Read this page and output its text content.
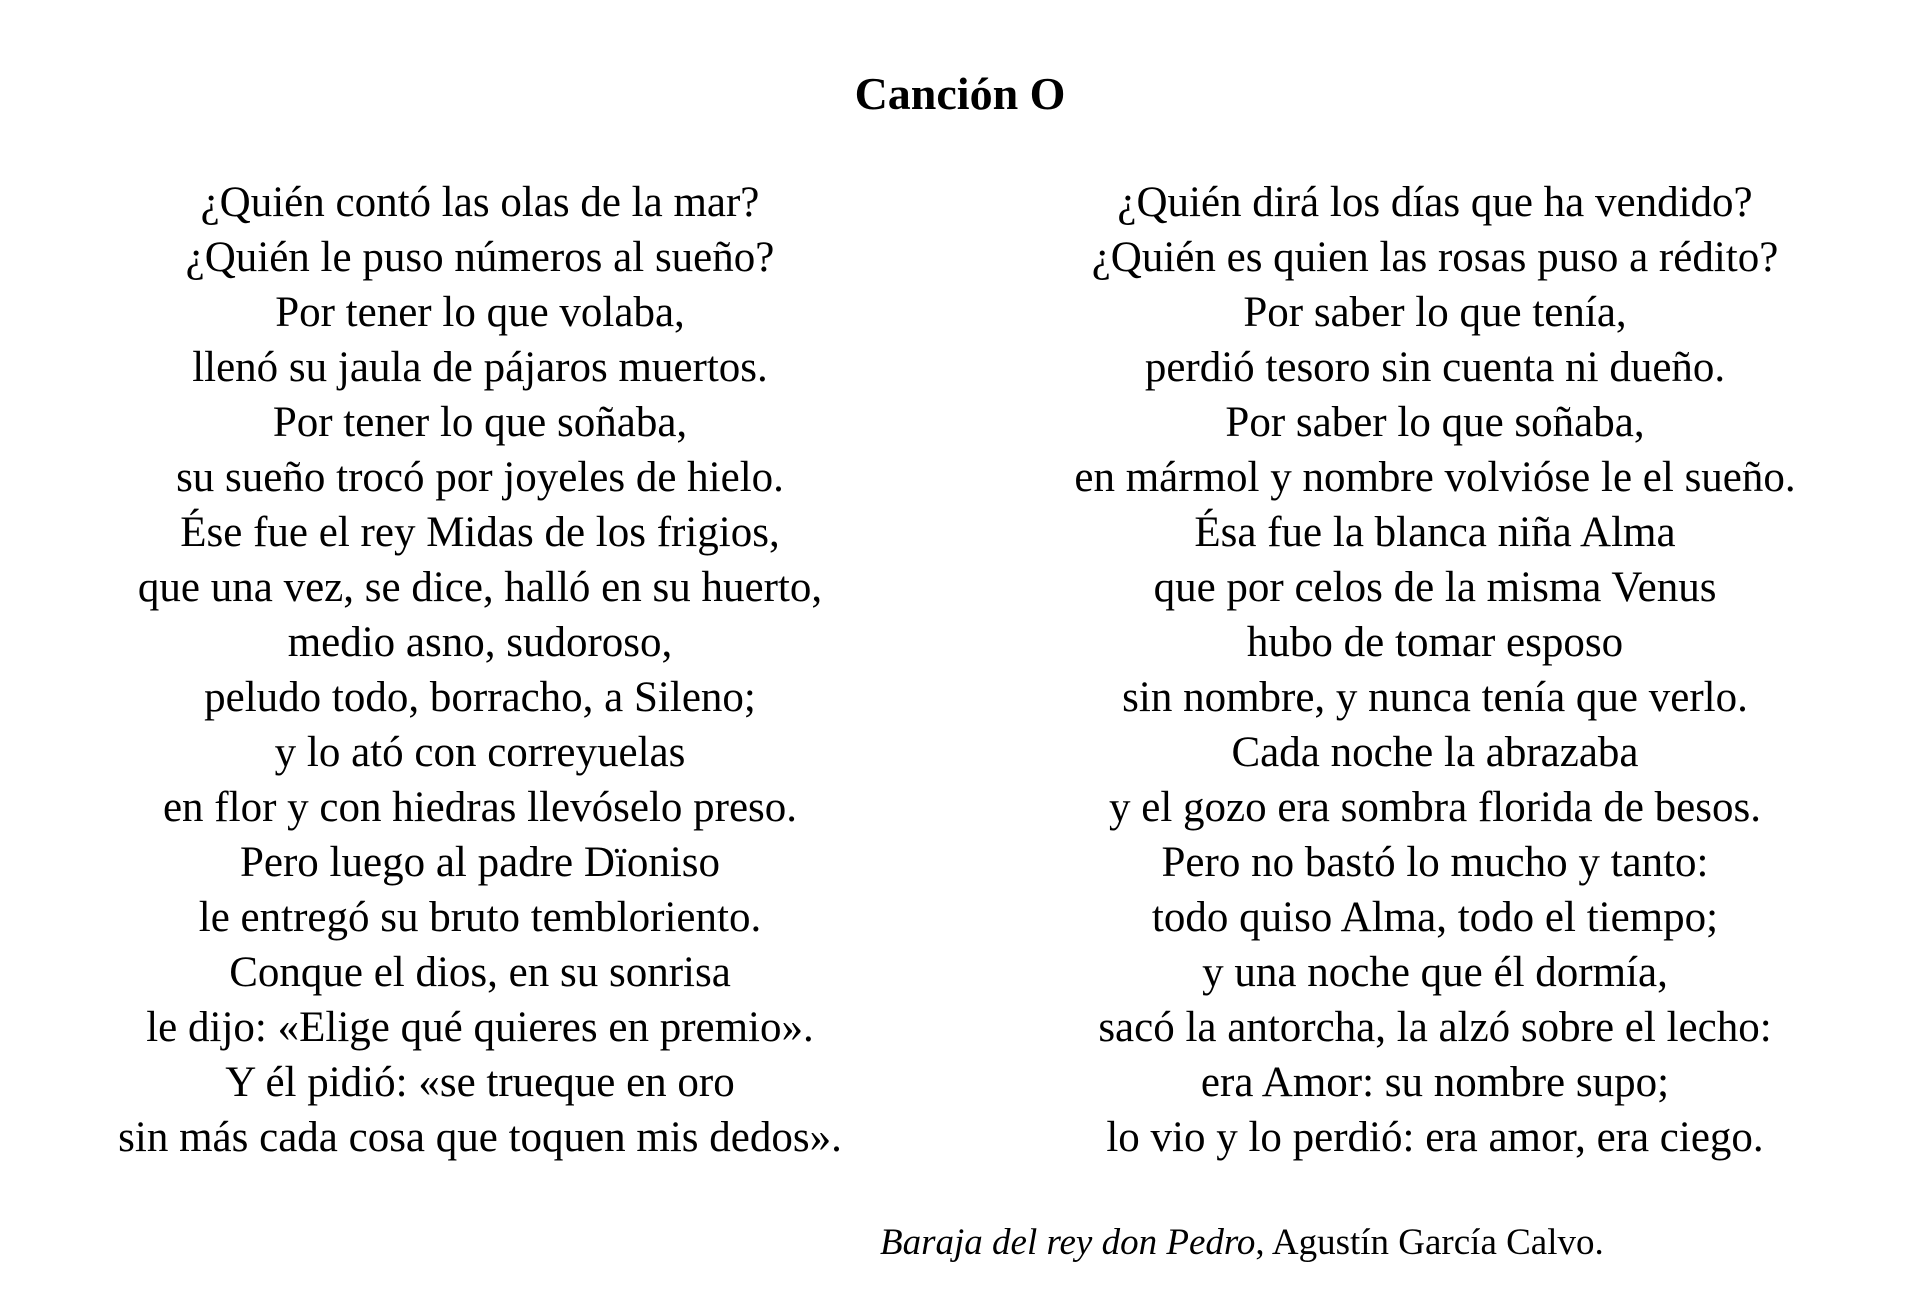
Canción O
¿Quién contó las olas de la mar?
¿Quién le puso números al sueño?
Por tener lo que volaba,
llenó su jaula de pájaros muertos.
Por tener lo que soñaba,
su sueño trocó por joyeles de hielo.
Ése fue el rey Midas de los frigios,
que una vez, se dice, halló en su huerto,
medio asno, sudoroso,
peludo todo, borracho, a Sileno;
y lo ató con correyuelas
en flor y con hiedras llevóselo preso.
Pero luego al padre Dïoniso
le entregó su bruto tembloriento.
Conque el dios, en su sonrisa
le dijo: «Elige qué quieres en premio».
Y él pidió: «se trueque en oro
sin más cada cosa que toquen mis dedos».
¿Quién dirá los días que ha vendido?
¿Quién es quien las rosas puso a rédito?
Por saber lo que tenía,
perdió tesoro sin cuenta ni dueño.
Por saber lo que soñaba,
en mármol y nombre volvióse le el sueño.
Ésa fue la blanca niña Alma
que por celos de la misma Venus
hubo de tomar esposo
sin nombre, y nunca tenía que verlo.
Cada noche la abrazaba
y el gozo era sombra florida de besos.
Pero no bastó lo mucho y tanto:
todo quiso Alma, todo el tiempo;
y una noche que él dormía,
sacó la antorcha, la alzó sobre el lecho:
era Amor: su nombre supo;
lo vio y lo perdió: era amor, era ciego.
Baraja del rey don Pedro, Agustín García Calvo.
